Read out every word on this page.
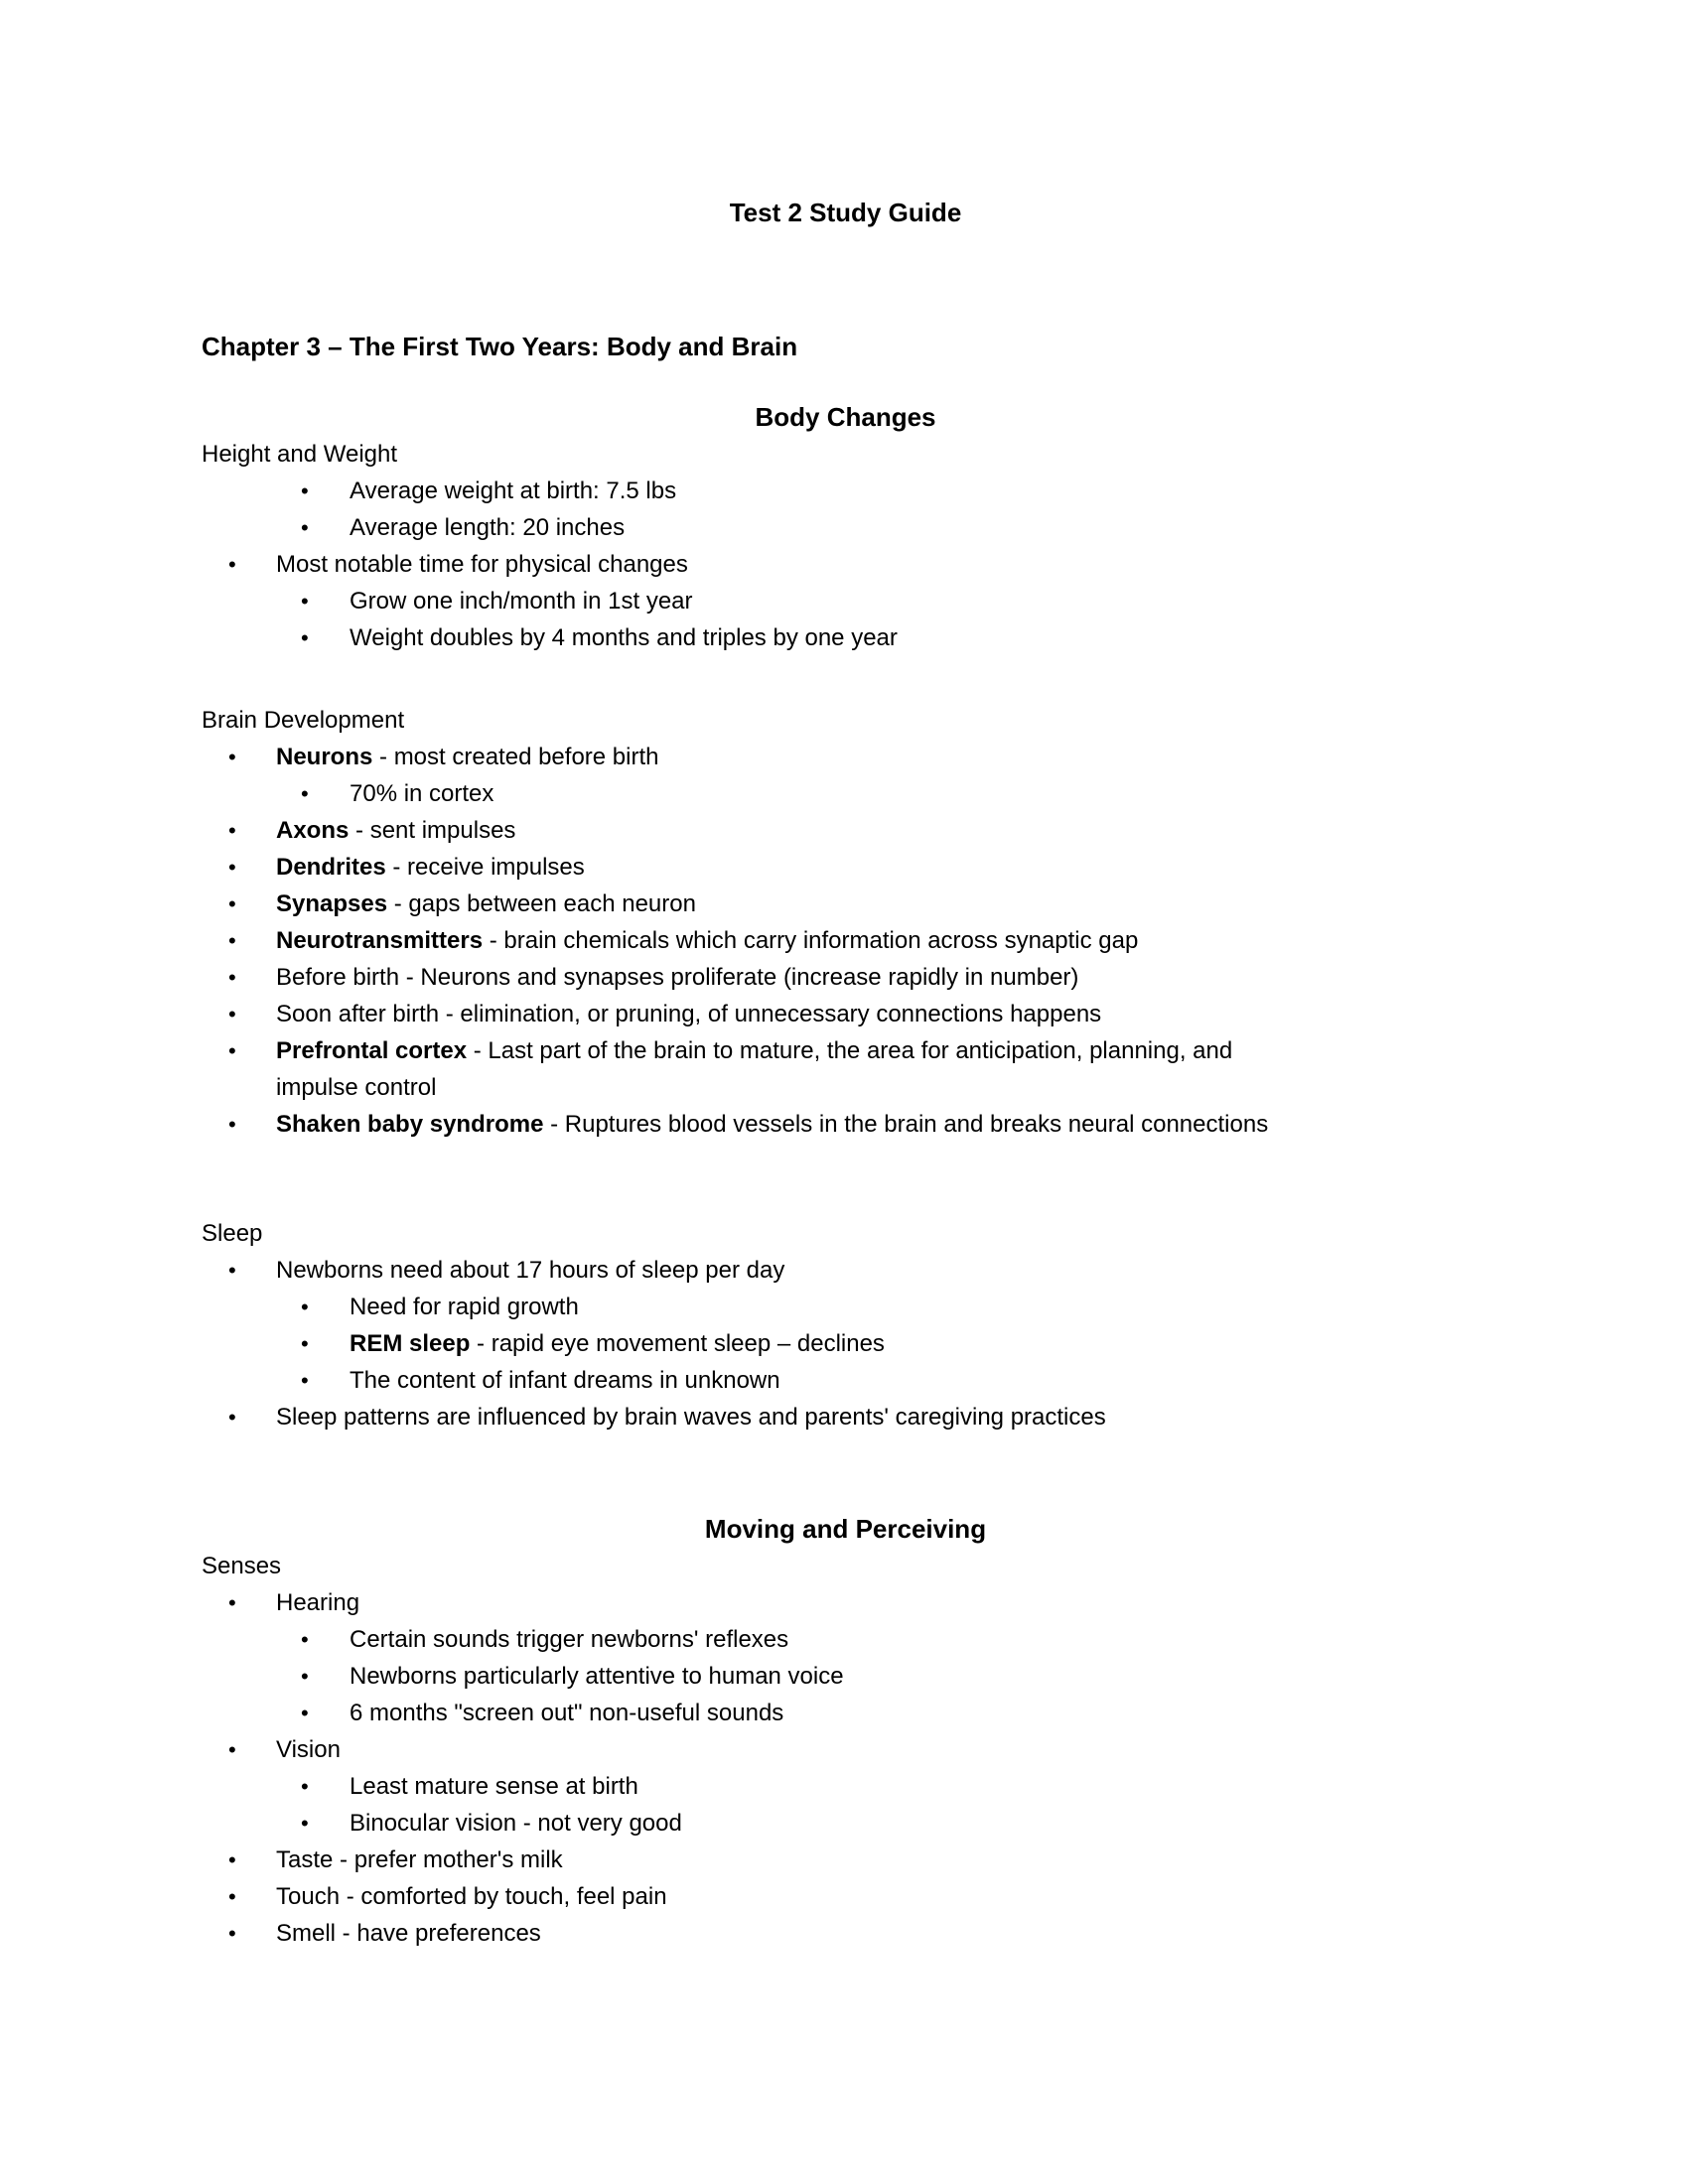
Test 2 Study Guide
Chapter 3 – The First Two Years: Body and Brain
Body Changes
Height and Weight
• Average weight at birth: 7.5 lbs
• Average length: 20 inches
• Most notable time for physical changes
• Grow one inch/month in 1st year
• Weight doubles by 4 months and triples by one year
Brain Development
• Neurons - most created before birth
• 70% in cortex
• Axons - sent impulses
• Dendrites - receive impulses
• Synapses - gaps between each neuron
• Neurotransmitters - brain chemicals which carry information across synaptic gap
• Before birth - Neurons and synapses proliferate (increase rapidly in number)
• Soon after birth - elimination, or pruning, of unnecessary connections happens
• Prefrontal cortex - Last part of the brain to mature, the area for anticipation, planning, and
impulse control
• Shaken baby syndrome - Ruptures blood vessels in the brain and breaks neural connections
Sleep
• Newborns need about 17 hours of sleep per day
• Need for rapid growth
• REM sleep - rapid eye movement sleep – declines
• The content of infant dreams in unknown
• Sleep patterns are influenced by brain waves and parents' caregiving practices
Moving and Perceiving
Senses
• Hearing
• Certain sounds trigger newborns' reflexes
• Newborns particularly attentive to human voice
• 6 months "screen out" non-useful sounds
• Vision
• Least mature sense at birth
• Binocular vision - not very good
• Taste - prefer mother's milk
• Touch - comforted by touch, feel pain
• Smell - have preferences
